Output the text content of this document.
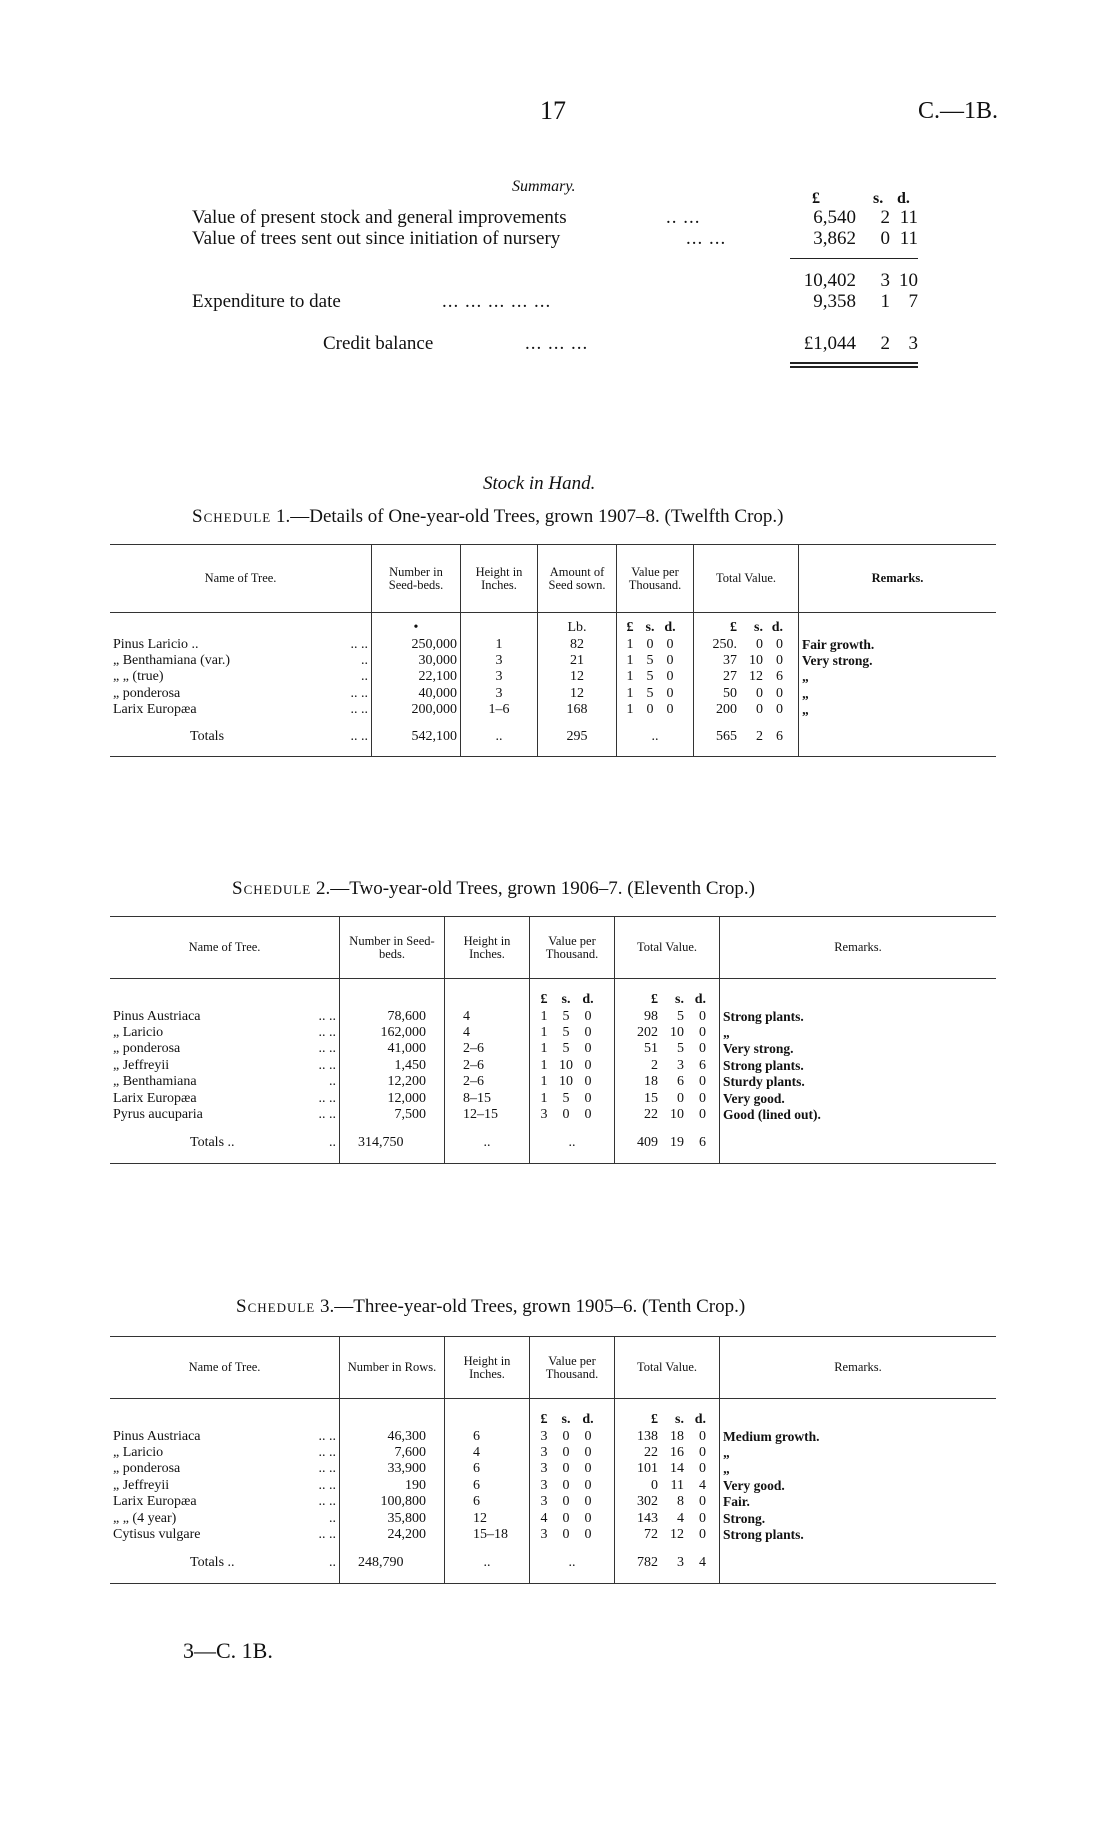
17	C.—1B.
Summary.
£	s. d.
Value of present stock and general improvements	.. ...	6,540	2 11
Value of trees sent out since initiation of nursery	... ...	3,862	0 11
10,402	3 10
Expenditure to date	... ... ... ... ...	9,358	1 7
Credit balance	... ... ...	£1,044	2 3
Stock in Hand.
Schedule 1.—Details of One-year-old Trees, grown 1907–8. (Twelfth Crop.)
Name of Tree.	Number in Seed-beds.	Height in Inches.	Amount of Seed sown.	Value per Thousand.	Total Value.	Remarks.
	•		Lb.	£ s. d.	£ s. d.	
Pinus Laricio .. .. ..	250,000	1	82	1 0 0	250. 0 0	Fair growth.
„ Benthamiana (var.) ..	30,000	3	21	1 5 0	37 10 0	Very strong.
„ „ (true) ..	22,100	3	12	1 5 0	27 12 6	„
„ ponderosa .. ..	40,000	3	12	1 5 0	50 0 0	„
Larix Europæa .. ..	200,000	1–6	168	1 0 0	200 0 0	„
Totals .. ..	542,100	..	295	..	565 2 6	
Schedule 2.—Two-year-old Trees, grown 1906–7. (Eleventh Crop.)
Name of Tree.	Number in Seed-beds.	Height in Inches.	Value per Thousand.	Total Value.	Remarks.
			£ s. d.	£ s. d.	
Pinus Austriaca .. ..	78,600	4	1 5 0	98 5 0	Strong plants.
„ Laricio .. ..	162,000	4	1 5 0	202 10 0	„
„ ponderosa .. ..	41,000	2–6	1 5 0	51 5 0	Very strong.
„ Jeffreyii .. ..	1,450	2–6	1 10 0	2 3 6	Strong plants.
„ Benthamiana ..	12,200	2–6	1 10 0	18 6 0	Sturdy plants.
Larix Europæa .. ..	12,000	8–15	1 5 0	15 0 0	Very good.
Pyrus aucuparia .. ..	7,500	12–15	3 0 0	22 10 0	Good (lined out).
Totals .. ..	314,750	..	..	409 19 6	
Schedule 3.—Three-year-old Trees, grown 1905–6. (Tenth Crop.)
Name of Tree.	Number in Rows.	Height in Inches.	Value per Thousand.	Total Value.	Remarks.
			£ s. d.	£ s. d.	
Pinus Austriaca .. ..	46,300	6	3 0 0	138 18 0	Medium growth.
„ Laricio .. ..	7,600	4	3 0 0	22 16 0	„
„ ponderosa .. ..	33,900	6	3 0 0	101 14 0	„
„ Jeffreyii .. ..	190	6	3 0 0	0 11 4	Very good.
Larix Europæa .. ..	100,800	6	3 0 0	302 8 0	Fair.
„ „ (4 year) ..	35,800	12	4 0 0	143 4 0	Strong.
Cytisus vulgare .. ..	24,200	15–18	3 0 0	72 12 0	Strong plants.
Totals .. ..	248,790	..	..	782 3 4	
3—C. 1B.
